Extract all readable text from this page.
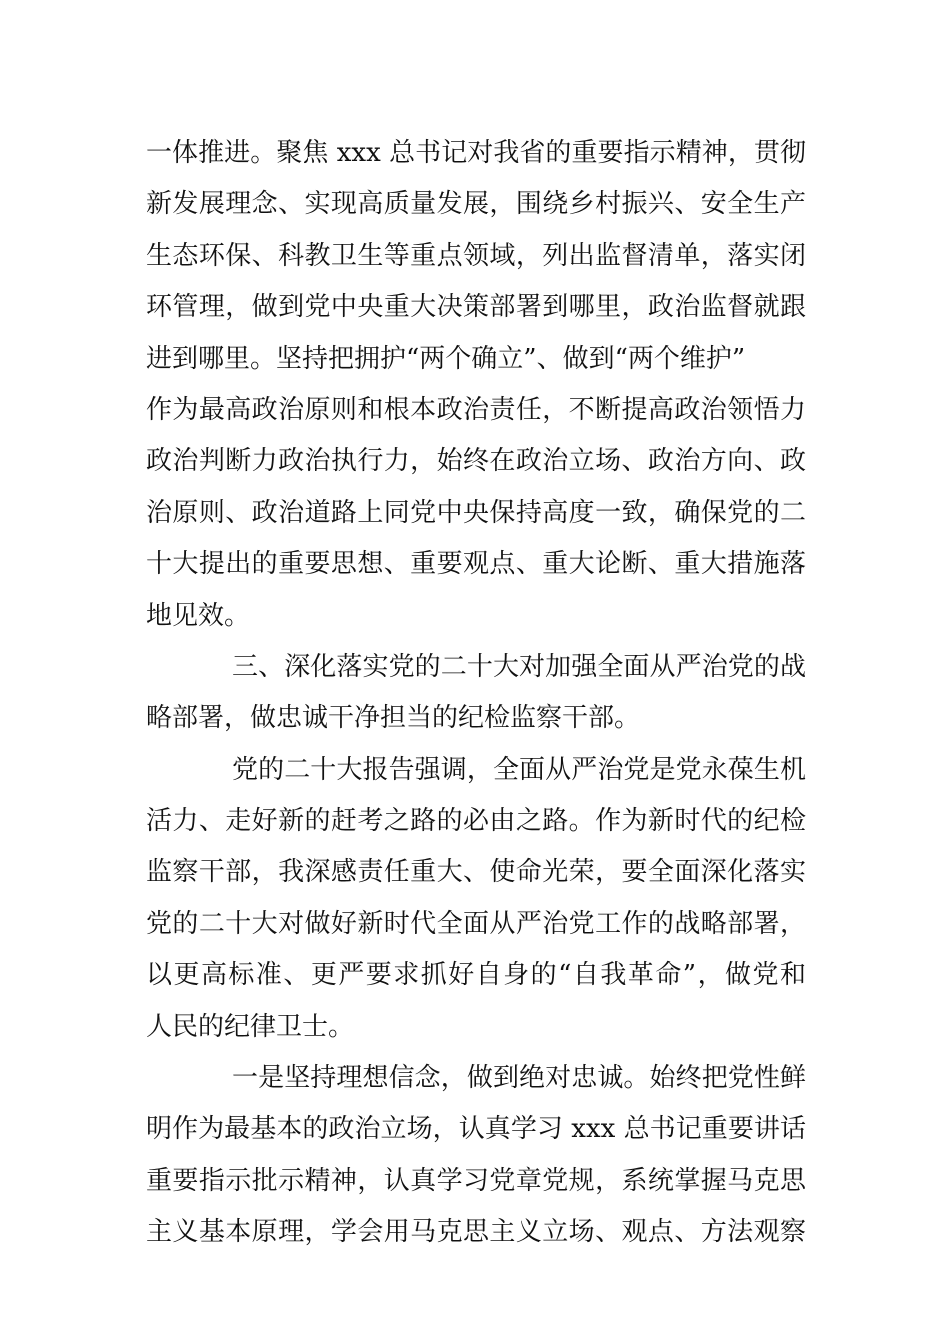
一体推进。聚焦 xxx 总书记对我省的重要指示精神，贯彻
新发展理念、实现高质量发展，围绕乡村振兴、安全生产
生态环保、科教卫生等重点领域，列出监督清单，落实闭
环管理，做到党中央重大决策部署到哪里，政治监督就跟
进到哪里。坚持把拥护“两个确立”、做到“两个维护”
作为最高政治原则和根本政治责任，不断提高政治领悟力
政治判断力政治执行力，始终在政治立场、政治方向、政
治原则、政治道路上同党中央保持高度一致，确保党的二
十大提出的重要思想、重要观点、重大论断、重大措施落
地见效。
三、深化落实党的二十大对加强全面从严治党的战
略部署，做忠诚干净担当的纪检监察干部。
党的二十大报告强调，全面从严治党是党永葆生机
活力、走好新的赶考之路的必由之路。作为新时代的纪检
监察干部，我深感责任重大、使命光荣，要全面深化落实
党的二十大对做好新时代全面从严治党工作的战略部署，
以更高标准、更严要求抓好自身的“自我革命”，做党和
人民的纪律卫士。
一是坚持理想信念，做到绝对忠诚。始终把党性鲜
明作为最基本的政治立场，认真学习 xxx 总书记重要讲话
重要指示批示精神，认真学习党章党规，系统掌握马克思
主义基本原理，学会用马克思主义立场、观点、方法观察
